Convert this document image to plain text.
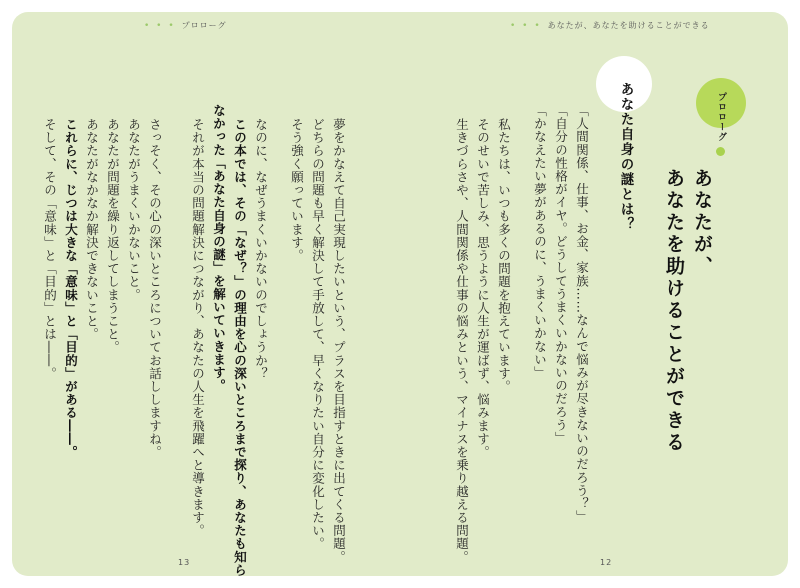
• • • プロローグ	• • • あなたが、あなたを助けることができる
13	12
プロローグ
あなたが、
あなたを助けることができる
あなた自身の謎とは？
「人間関係、仕事、お金、家族……なんで悩みが尽きないのだろう？」
「自分の性格がイヤ。どうしてうまくいかないのだろう」
「かなえたい夢があるのに、うまくいかない」
私たちは、いつも多くの問題を抱えています。
そのせいで苦しみ、思うように人生が運ばず、悩みます。
生きづらさや、人間関係や仕事の悩みという、マイナスを乗り越える問題。
夢をかなえて自己実現したいという、プラスを目指すときに出てくる問題。
どちらの問題も早く解決して手放して、早くなりたい自分に変化したい。
そう強く願っています。
なのに、なぜうまくいかないのでしょうか？
この本では、その「なぜ？」の理由を心の深いところまで探り、あなたも知ら
なかった「あなた自身の謎」を解いていきます。
それが本当の問題解決につながり、あなたの人生を飛躍へと導きます。
さっそく、その心の深いところについてお話ししますね。
あなたがうまくいかないこと。
あなたが問題を繰り返してしまうこと。
あなたがなかなか解決できないこと。
これらに、じつは大きな「意味」と「目的」がある――。
そして、その「意味」と「目的」とは――。
